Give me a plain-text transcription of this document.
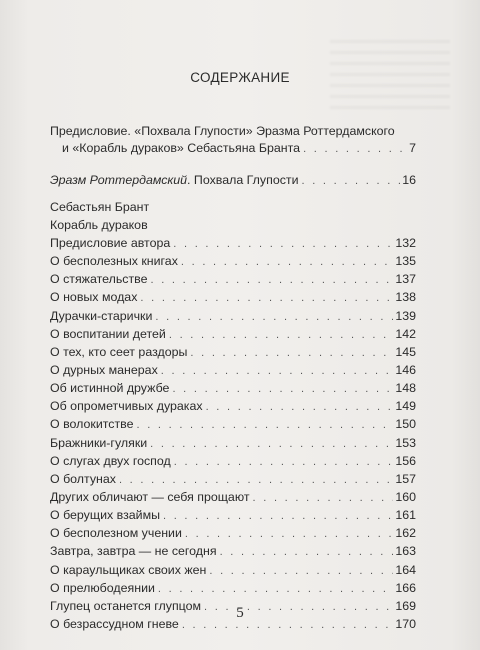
СОДЕРЖАНИЕ
Предисловие. «Похвала Глупости» Эразма Роттердамского
и «Корабль дураков» Себастьяна Бранта . . .	7
Эразм Роттердамский . Похвала Глупости . . .	16
Себастьян Брант
Корабль дураков
Предисловие автора . . .	132
О бесполезных книгах . . .	135
О стяжательстве . . .	137
О новых модах . . .	138
Дурачки-старички . . .	139
О воспитании детей . . .	142
О тех, кто сеет раздоры . . .	145
О дурных манерах . . .	146
Об истинной дружбе . . .	148
Об опрометчивых дураках . . .	149
О волокитстве . . .	150
Бражники-гуляки . . .	153
О слугах двух господ . . .	156
О болтунах . . .	157
Других обличают — себя прощают . . .	160
О берущих взаймы . . .	161
О бесполезном учении . . .	162
Завтра, завтра — не сегодня . . .	163
О караульщиках своих жен . . .	164
О прелюбодеянии . . .	166
Глупец останется глупцом . . .	169
О безрассудном гневе . . .	170
5
